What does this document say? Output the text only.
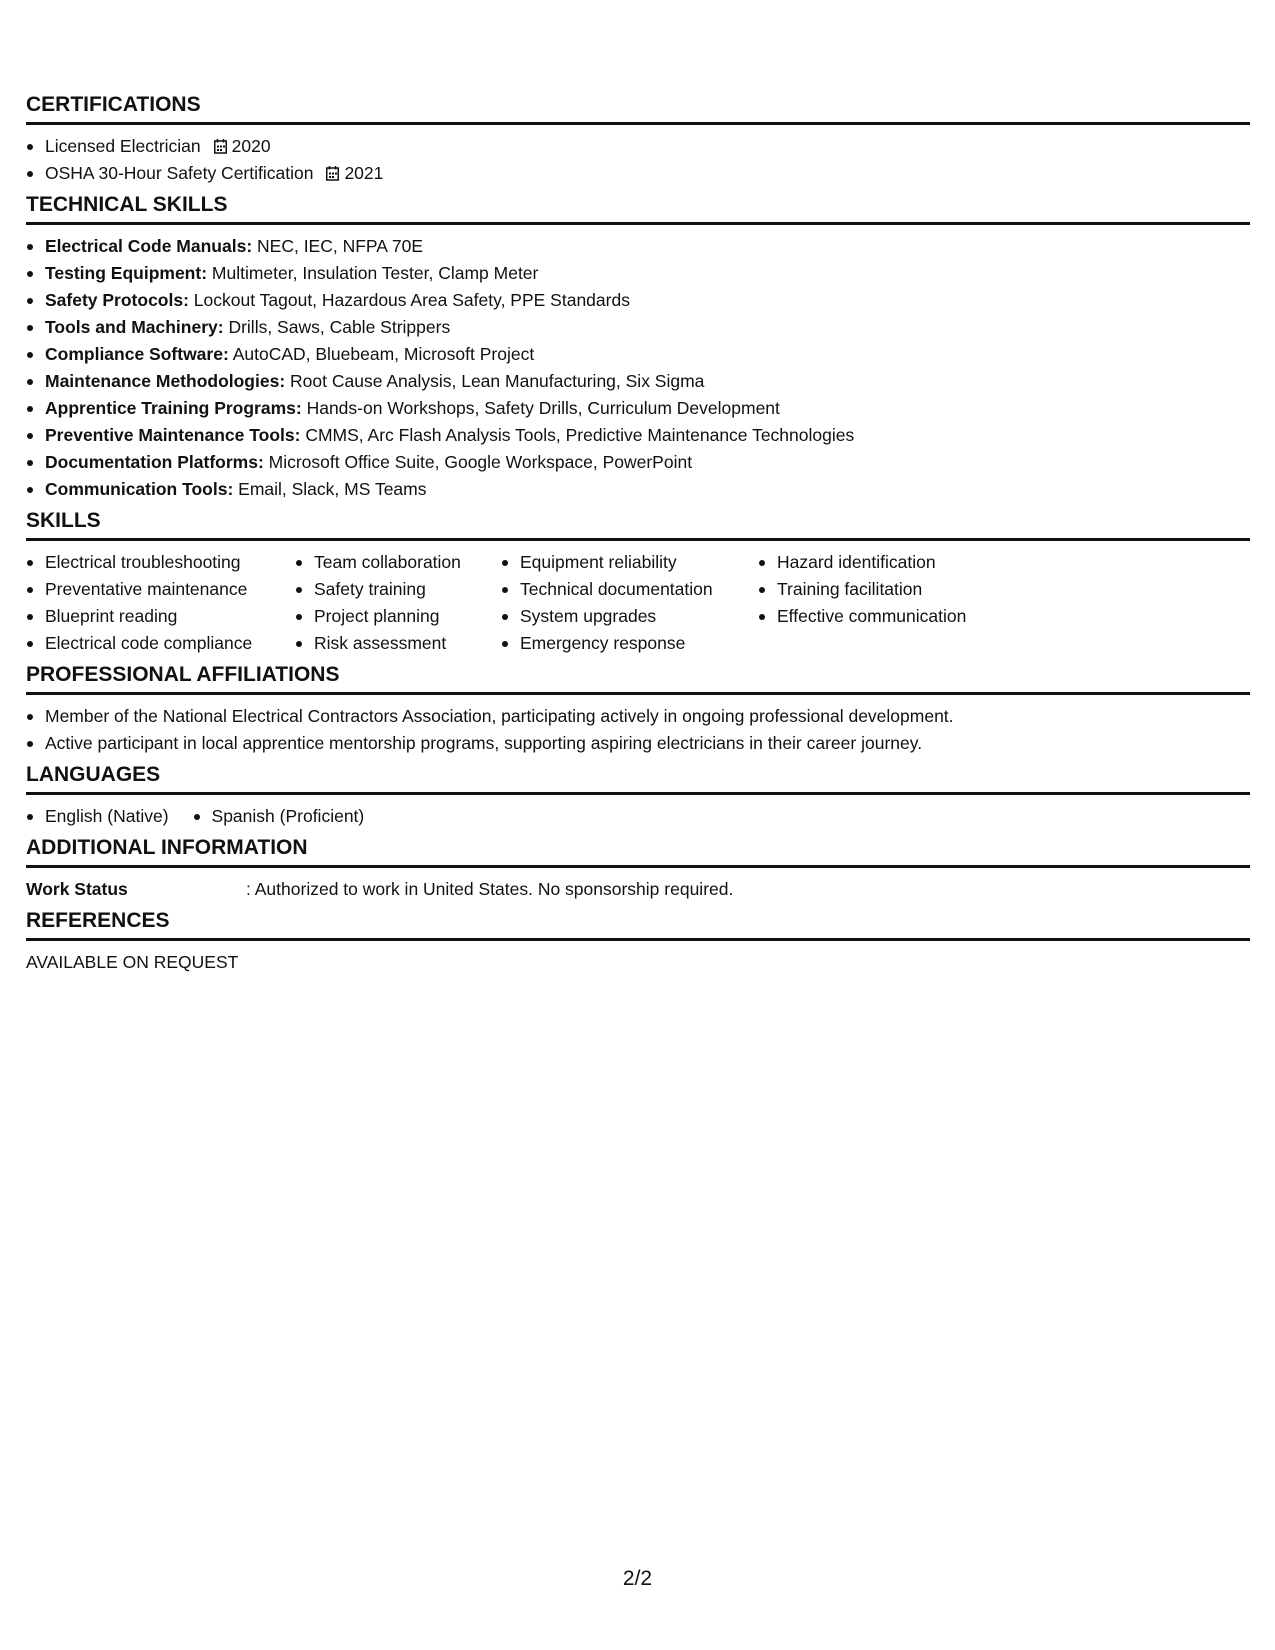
CERTIFICATIONS
Licensed Electrician 2020
OSHA 30-Hour Safety Certification 2021
TECHNICAL SKILLS
Electrical Code Manuals: NEC, IEC, NFPA 70E
Testing Equipment: Multimeter, Insulation Tester, Clamp Meter
Safety Protocols: Lockout Tagout, Hazardous Area Safety, PPE Standards
Tools and Machinery: Drills, Saws, Cable Strippers
Compliance Software: AutoCAD, Bluebeam, Microsoft Project
Maintenance Methodologies: Root Cause Analysis, Lean Manufacturing, Six Sigma
Apprentice Training Programs: Hands-on Workshops, Safety Drills, Curriculum Development
Preventive Maintenance Tools: CMMS, Arc Flash Analysis Tools, Predictive Maintenance Technologies
Documentation Platforms: Microsoft Office Suite, Google Workspace, PowerPoint
Communication Tools: Email, Slack, MS Teams
SKILLS
Electrical troubleshooting
Preventative maintenance
Blueprint reading
Electrical code compliance
Team collaboration
Safety training
Project planning
Risk assessment
Equipment reliability
Technical documentation
System upgrades
Emergency response
Hazard identification
Training facilitation
Effective communication
PROFESSIONAL AFFILIATIONS
Member of the National Electrical Contractors Association, participating actively in ongoing professional development.
Active participant in local apprentice mentorship programs, supporting aspiring electricians in their career journey.
LANGUAGES
English (Native)	Spanish (Proficient)
ADDITIONAL INFORMATION
Work Status	: Authorized to work in United States. No sponsorship required.
REFERENCES
AVAILABLE ON REQUEST
2/2
